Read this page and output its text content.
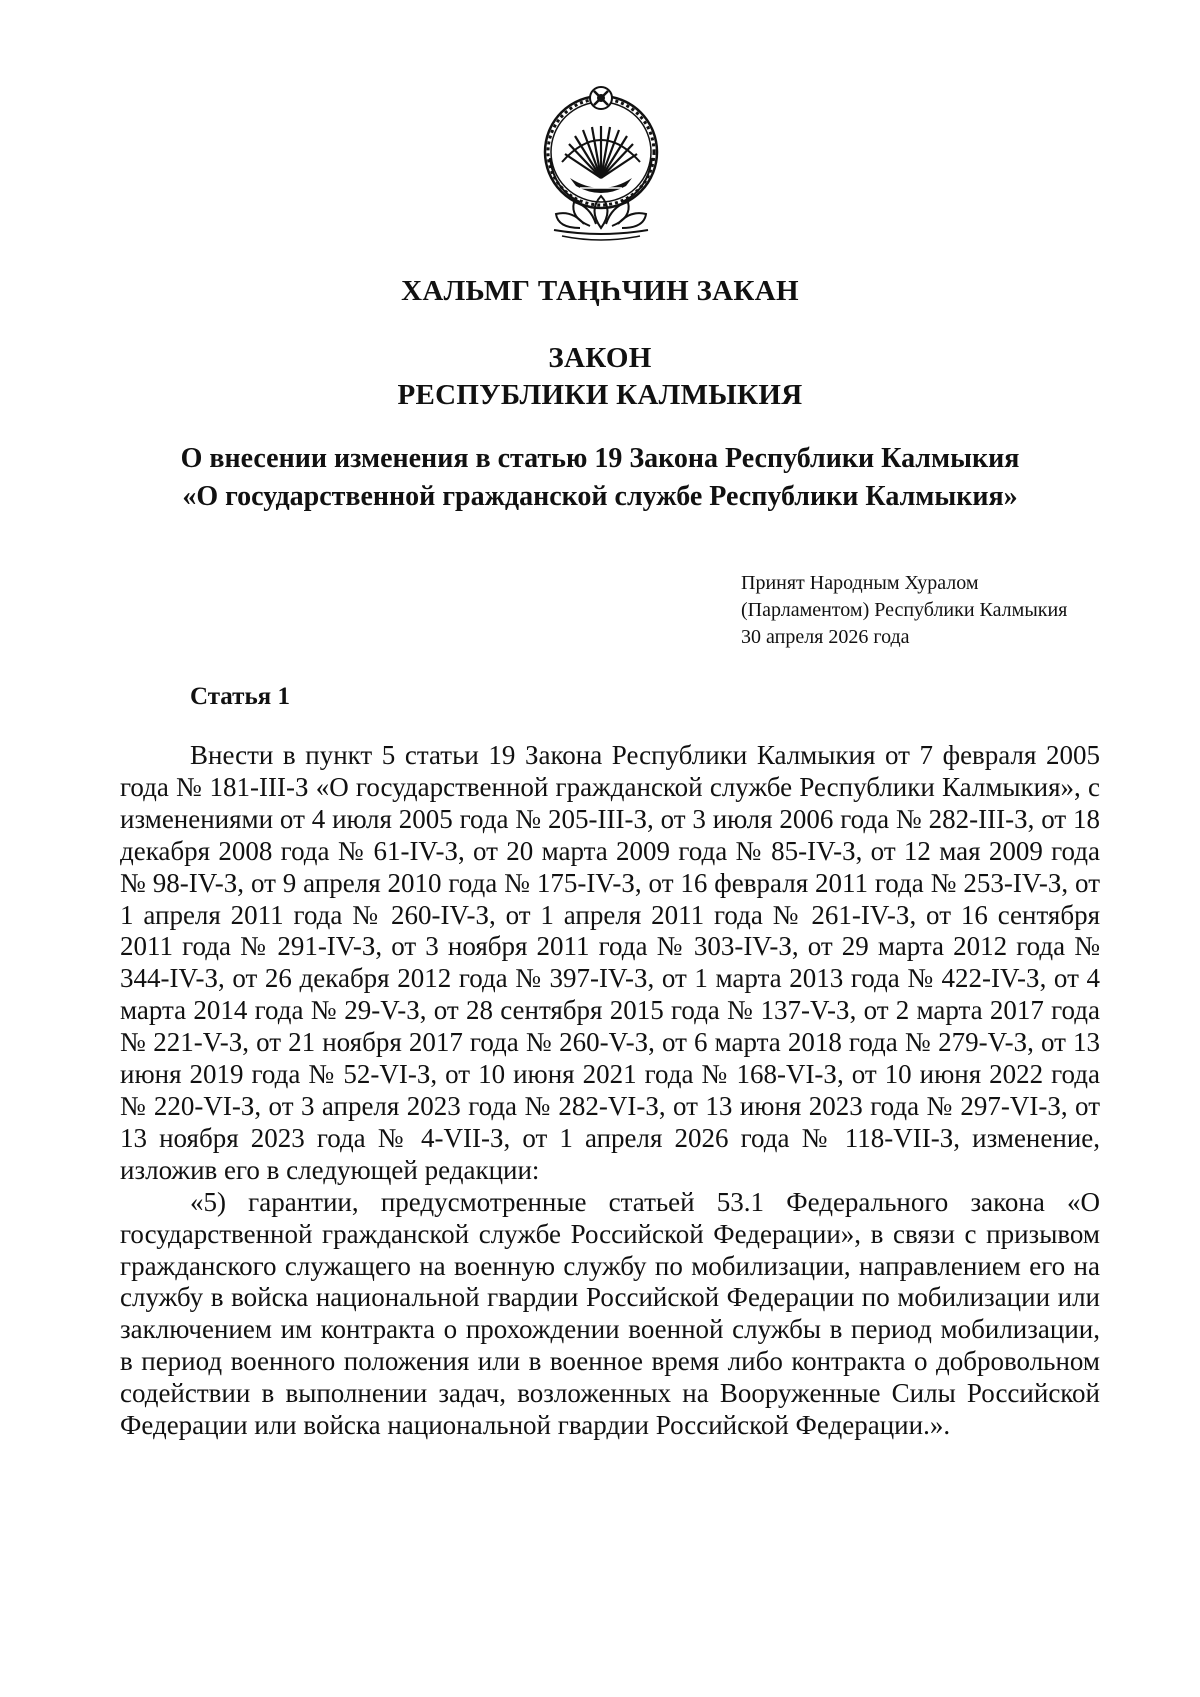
ХАЛЬМГ ТАҢҺЧИН ЗАКАН
ЗАКОН
РЕСПУБЛИКИ КАЛМЫКИЯ
О внесении изменения в статью 19 Закона Республики Калмыкия
«О государственной гражданской службе Республики Калмыкия»
Принят Народным Хуралом
(Парламентом) Республики Калмыкия
30 апреля 2026 года
Статья 1

Внести в пункт 5 статьи 19 Закона Республики Калмыкия от 7 февраля 2005 года № 181-III-З «О государственной гражданской службе Республики Калмыкия», с изменениями от 4 июля 2005 года № 205-III-З, от 3 июля 2006 года № 282-III-З, от 18 декабря 2008 года № 61-IV-З, от 20 марта 2009 года № 85-IV-З, от 12 мая 2009 года № 98-IV-З, от 9 апреля 2010 года № 175-IV-З, от 16 февраля 2011 года № 253-IV-З, от 1 апреля 2011 года № 260-IV-З, от 1 апреля 2011 года № 261-IV-З, от 16 сентября 2011 года № 291-IV-З, от 3 ноября 2011 года № 303-IV-З, от 29 марта 2012 года № 344-IV-З, от 26 декабря 2012 года № 397-IV-З, от 1 марта 2013 года № 422-IV-З, от 4 марта 2014 года № 29-V-З, от 28 сентября 2015 года № 137-V-З, от 2 марта 2017 года № 221-V-З, от 21 ноября 2017 года № 260-V-З, от 6 марта 2018 года № 279-V-З, от 13 июня 2019 года № 52-VI-З, от 10 июня 2021 года № 168-VI-З, от 10 июня 2022 года № 220-VI-З, от 3 апреля 2023 года № 282-VI-З, от 13 июня 2023 года № 297-VI-З, от 13 ноября 2023 года № 4-VII-З, от 1 апреля 2026 года № 118-VII-З, изменение, изложив его в следующей редакции:

«5) гарантии, предусмотренные статьей 53.1 Федерального закона «О государственной гражданской службе Российской Федерации», в связи с призывом гражданского служащего на военную службу по мобилизации, направлением его на службу в войска национальной гвардии Российской Федерации по мобилизации или заключением им контракта о прохождении военной службы в период мобилизации, в период военного положения или в военное время либо контракта о добровольном содействии в выполнении задач, возложенных на Вооруженные Силы Российской Федерации или войска национальной гвардии Российской Федерации.».
